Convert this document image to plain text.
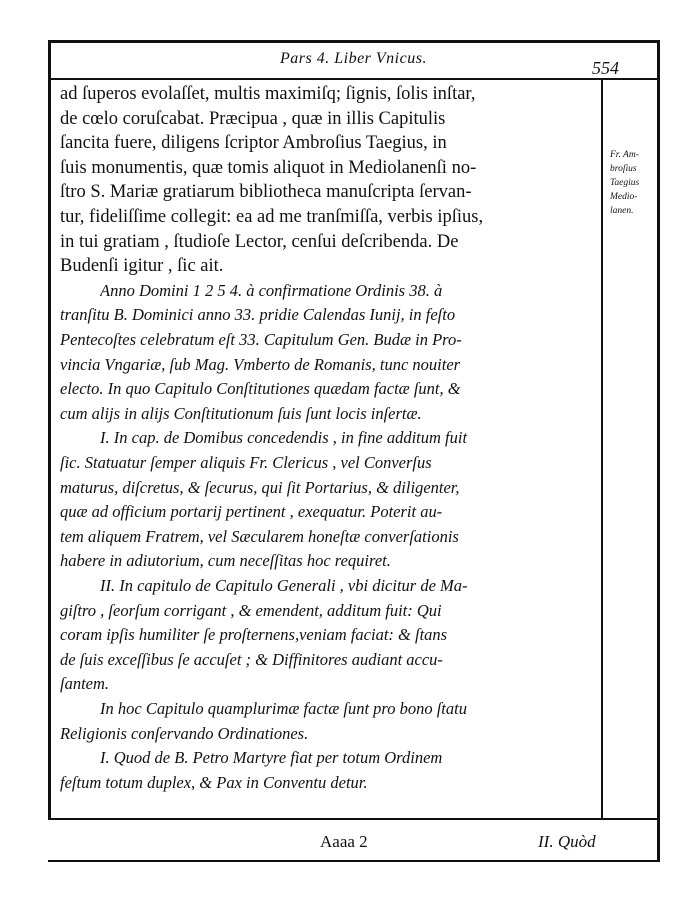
Pars 4. Liber Vnicus.	554
ad ſuperos evolaſſet, multis maximiſq; ſignis, ſolis inſtar,
de cœlo coruſcabat. Præcipua , quæ in illis Capitulis
ſancita fuere, diligens ſcriptor Ambroſius Taegius, in
ſuis monumentis, quæ tomis aliquot in Mediolanenſi no-
ſtro S. Mariæ gratiarum bibliotheca manuſcripta ſervan-
tur, fideliſſime collegit: ea ad me tranſmiſſa, verbis ipſius,
in tui gratiam , ſtudioſe Lector, cenſui deſcribenda. De
Budenſi igitur , ſic ait.
Anno Domini 1 2 5 4. à confirmatione Ordinis 38. à
tranſitu B. Dominici anno 33. pridie Calendas Iunij, in feſto
Pentecoſtes celebratum eſt 33. Capitulum Gen. Budæ in Pro-
vincia Vngariæ, ſub Mag. Vmberto de Romanis, tunc nouiter
electo. In quo Capitulo Conſtitutiones quædam factæ ſunt, &
cum alijs in alijs Conſtitutionum ſuis ſunt locis inſertæ.
I. In cap. de Domibus concedendis , in fine additum fuit
ſic. Statuatur ſemper aliquis Fr. Clericus , vel Converſus
maturus, diſcretus, & ſecurus, qui ſit Portarius, & diligenter,
quæ ad officium portarij pertinent , exequatur. Poterit au-
tem aliquem Fratrem, vel Sæcularem honeſtæ converſationis
habere in adiutorium, cum neceſſitas hoc requiret.
II. In capitulo de Capitulo Generali , vbi dicitur de Ma-
giſtro , ſeorſum corrigant , & emendent, additum fuit: Qui
coram ipſis humiliter ſe proſternens,veniam faciat: & ſtans
de ſuis exceſſibus ſe accuſet ; & Diffinitores audiant accu-
ſantem.
In hoc Capitulo quamplurimæ factæ ſunt pro bono ſtatu
Religionis conſervando Ordinationes.
I. Quod de B. Petro Martyre fiat per totum Ordinem
feſtum totum duplex, & Pax in Conventu detur.
Fr. Am-
broſius
Taegius
Medio-
lanen.
Aaaa 2	II. Quòd
